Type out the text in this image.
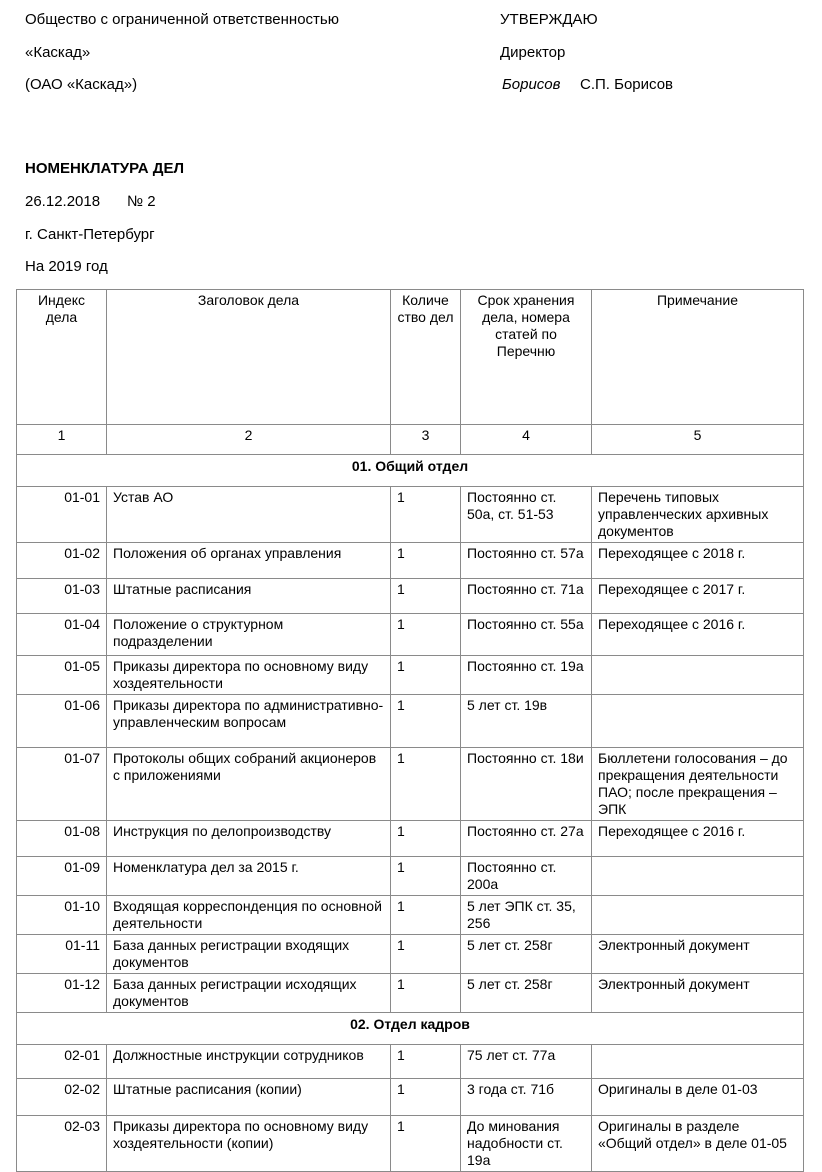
Общество с ограниченной ответственностью
«Каскад»
(ОАО «Каскад»)
УТВЕРЖДАЮ
Директор
Борисов С.П. Борисов
НОМЕНКЛАТУРА ДЕЛ
26.12.2018 № 2
г. Санкт-Петербург
На 2019 год
Индекс дела	Заголовок дела	Количе ство дел	Срок хранения дела, номера статей по Перечню	Примечание
1	2	3	4	5
01. Общий отдел				
01-01	Устав АО	1	Постоянно ст. 50а, ст. 51-53	Перечень типовых управленческих архивных документов
01-02	Положения об органах управления	1	Постоянно ст. 57а	Переходящее с 2018 г.
01-03	Штатные расписания	1	Постоянно ст. 71а	Переходящее с 2017 г.
01-04	Положение о структурном подразделении	1	Постоянно ст. 55а	Переходящее с 2016 г.
01-05	Приказы директора по основному виду хоздеятельности	1	Постоянно ст. 19а	
01-06	Приказы директора по административно-управленческим вопросам	1	5 лет ст. 19в	
01-07	Протоколы общих собраний акционеров с приложениями	1	Постоянно ст. 18и	Бюллетени голосования – до прекращения деятельности ПАО; после прекращения – ЭПК
01-08	Инструкция по делопроизводству	1	Постоянно ст. 27а	Переходящее с 2016 г.
01-09	Номенклатура дел за 2015 г.	1	Постоянно ст. 200а	
01-10	Входящая корреспонденция по основной деятельности	1	5 лет ЭПК ст. 35, 256	
01-11	База данных регистрации входящих документов	1	5 лет ст. 258г	Электронный документ
01-12	База данных регистрации исходящих документов	1	5 лет ст. 258г	Электронный документ
02. Отдел кадров				
02-01	Должностные инструкции сотрудников	1	75 лет ст. 77а	
02-02	Штатные расписания (копии)	1	3 года ст. 71б	Оригиналы в деле 01-03
02-03	Приказы директора по основному виду хоздеятельности (копии)	1	До минования надобности ст. 19а	Оригиналы в разделе «Общий отдел» в деле 01-05
